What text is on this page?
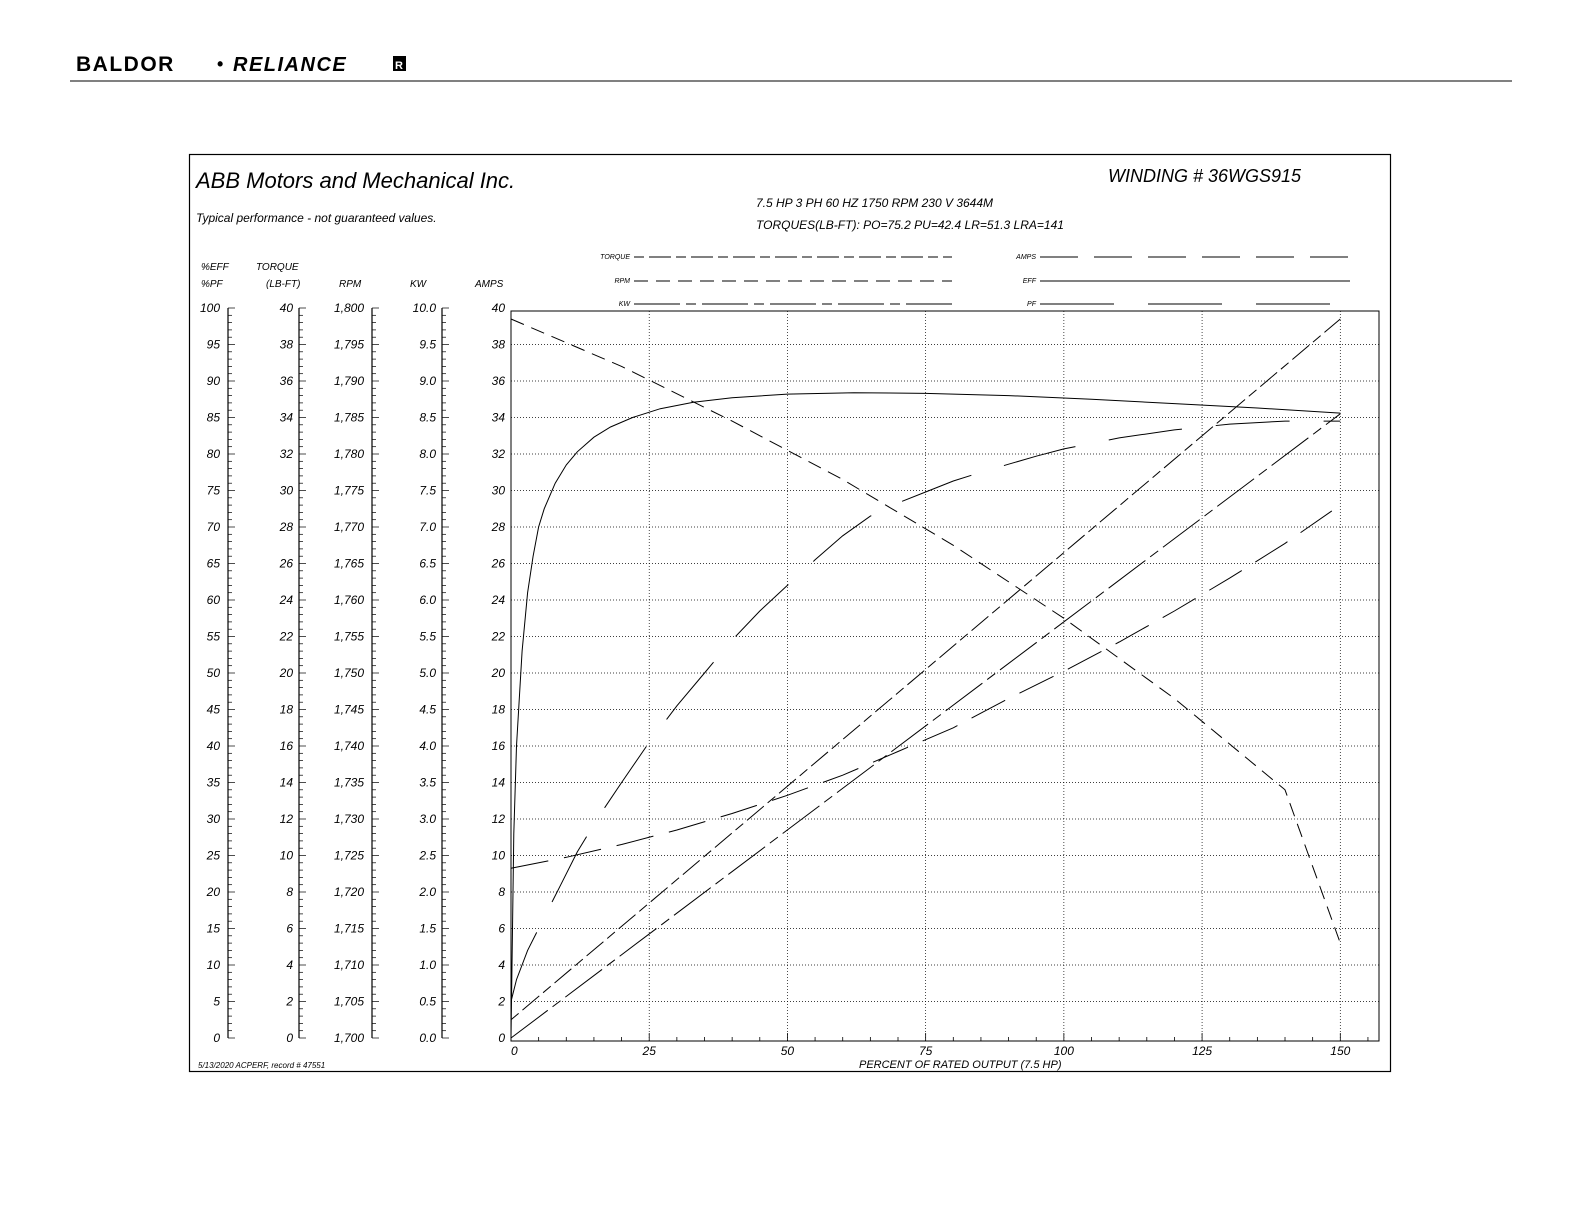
BALDOR • RELIANCE	R
ABB Motors and Mechanical Inc.
Typical performance - not guaranteed values.
WINDING # 36WGS915
7.5 HP 3 PH 60 HZ 1750 RPM 230 V 3644M
TORQUES(LB-FT): PO=75.2 PU=42.4 LR=51.3 LRA=141
5/13/2020 ACPERF, record # 47551	PERCENT OF RATED OUTPUT (7.5 HP)
TORQUE
RPM
KW
AMPS
EFF
PF
100
95
90
85
80
75
70
65
60
55
50
45
40
35
30
25
20
15
10
5
0
%EFF
%PF
40
38
36
34
32
30
28
26
24
22
20
18
16
14
12
10
8
6
4
2
0
TORQUE
(LB-FT)
1,800
1,795
1,790
1,785
1,780
1,775
1,770
1,765
1,760
1,755
1,750
1,745
1,740
1,735
1,730
1,725
1,720
1,715
1,710
1,705
1,700
RPM
10.0
9.5
9.0
8.5
8.0
7.5
7.0
6.5
6.0
5.5
5.0
4.5
4.0
3.5
3.0
2.5
2.0
1.5
1.0
0.5
0.0
KW
40
38
36
34
32
30
28
26
24
22
20
18
16
14
12
10
8
6
4
2
0
AMPS
0	25	50	75	100	125	150
